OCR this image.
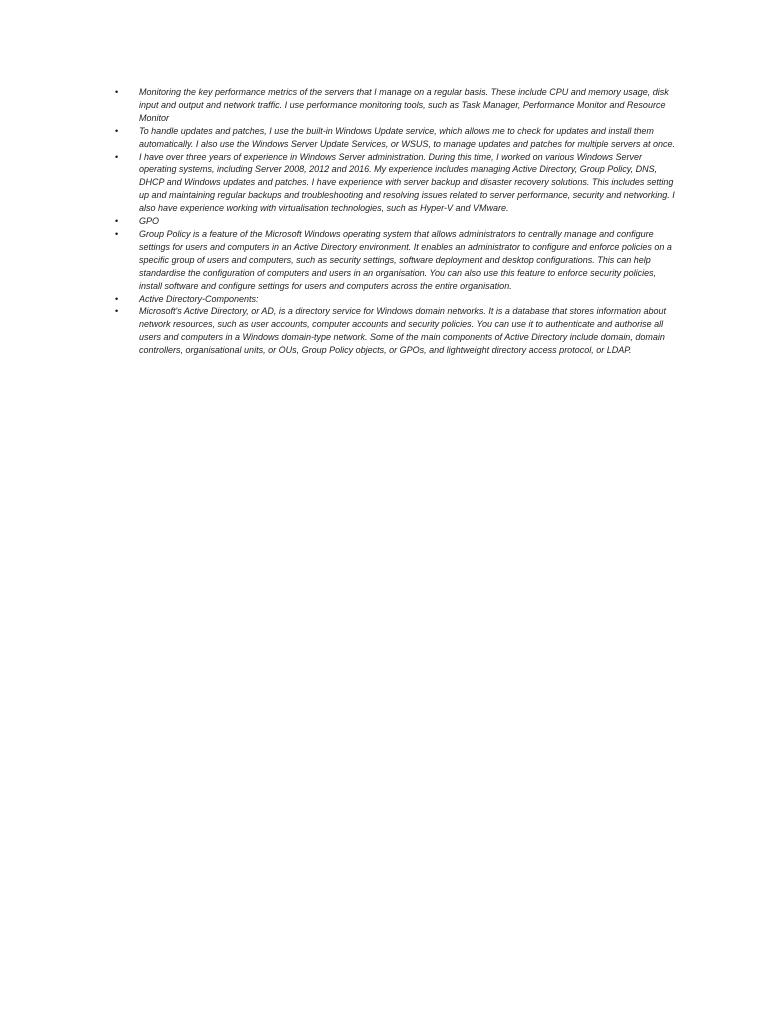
•	Monitoring the key performance metrics of the servers that I manage on a regular basis. These include CPU and memory usage, disk input and output and network traffic. I use performance monitoring tools, such as Task Manager, Performance Monitor and Resource Monitor
•	To handle updates and patches, I use the built-in Windows Update service, which allows me to check for updates and install them automatically. I also use the Windows Server Update Services, or WSUS, to manage updates and patches for multiple servers at once.
•	I have over three years of experience in Windows Server administration. During this time, I worked on various Windows Server operating systems, including Server 2008, 2012 and 2016. My experience includes managing Active Directory, Group Policy, DNS, DHCP and Windows updates and patches. I have experience with server backup and disaster recovery solutions. This includes setting up and maintaining regular backups and troubleshooting and resolving issues related to server performance, security and networking. I also have experience working with virtualisation technologies, such as Hyper-V and VMware.
•	GPO
•	Group Policy is a feature of the Microsoft Windows operating system that allows administrators to centrally manage and configure settings for users and computers in an Active Directory environment. It enables an administrator to configure and enforce policies on a specific group of users and computers, such as security settings, software deployment and desktop configurations. This can help standardise the configuration of computers and users in an organisation. You can also use this feature to enforce security policies, install software and configure settings for users and computers across the entire organisation.
•	Active Directory-Components:
•	Microsoft's Active Directory, or AD, is a directory service for Windows domain networks. It is a database that stores information about network resources, such as user accounts, computer accounts and security policies. You can use it to authenticate and authorise all users and computers in a Windows domain-type network. Some of the main components of Active Directory include domain, domain controllers, organisational units, or OUs, Group Policy objects, or GPOs, and lightweight directory access protocol, or LDAP.
